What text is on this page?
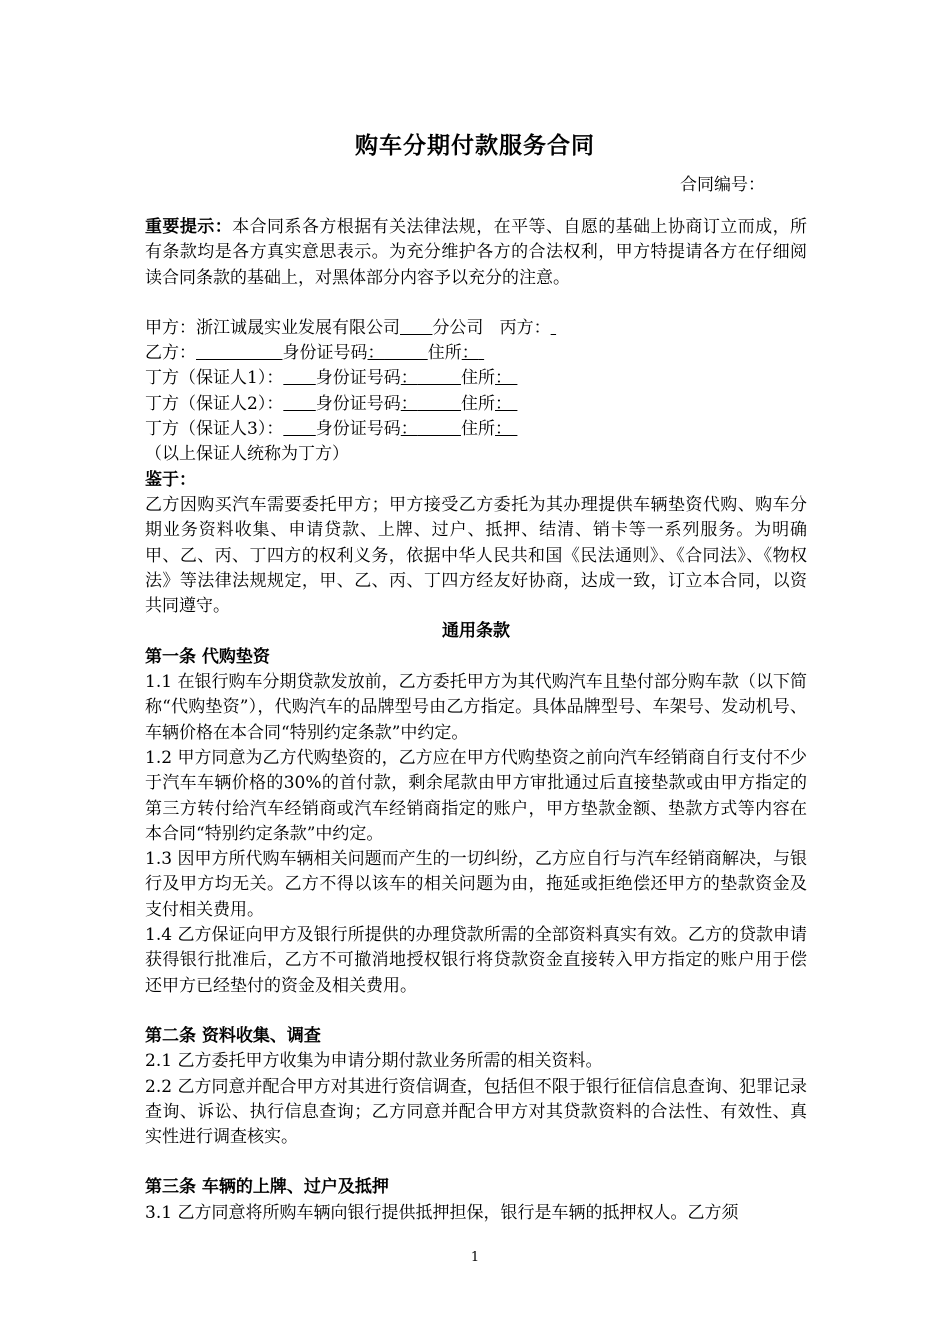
购车分期付款服务合同
合同编号：

重要提示：本合同系各方根据有关法律法规，在平等、自愿的基础上协商订立而成，所有条款均是各方真实意思表示。为充分维护各方的合法权利，甲方特提请各方在仔细阅读合同条款的基础上，对黑体部分内容予以充分的注意。

甲方：浙江诚晟实业发展有限公司 分公司 丙方：

乙方：	身份证号码：	住所：

丁方（保证人1）： 身份证号码：	住所：

丁方（保证人2）： 身份证号码：	住所：

丁方（保证人3）： 身份证号码：	住所：

（以上保证人统称为丁方）

鉴于：

乙方因购买汽车需要委托甲方；甲方接受乙方委托为其办理提供车辆垫资代购、购车分期业务资料收集、申请贷款、上牌、过户、抵押、结清、销卡等一系列服务。为明确甲、乙、丙、丁四方的权利义务，依据中华人民共和国《民法通则》、《合同法》、《物权法》等法律法规规定，甲、乙、丙、丁四方经友好协商，达成一致，订立本合同，以资共同遵守。

通用条款

第一条 代购垫资

1.1 在银行购车分期贷款发放前，乙方委托甲方为其代购汽车且垫付部分购车款（以下简称“代购垫资”），代购汽车的品牌型号由乙方指定。具体品牌型号、车架号、发动机号、车辆价格在本合同“特别约定条款”中约定。

1.2 甲方同意为乙方代购垫资的，乙方应在甲方代购垫资之前向汽车经销商自行支付不少于汽车车辆价格的30%的首付款，剩余尾款由甲方审批通过后直接垫款或由甲方指定的第三方转付给汽车经销商或汽车经销商指定的账户，甲方垫款金额、垫款方式等内容在本合同“特别约定条款”中约定。

1.3 因甲方所代购车辆相关问题而产生的一切纠纷，乙方应自行与汽车经销商解决，与银行及甲方均无关。乙方不得以该车的相关问题为由，拖延或拒绝偿还甲方的垫款资金及支付相关费用。

1.4 乙方保证向甲方及银行所提供的办理贷款所需的全部资料真实有效。乙方的贷款申请获得银行批准后，乙方不可撤消地授权银行将贷款资金直接转入甲方指定的账户用于偿还甲方已经垫付的资金及相关费用。

第二条 资料收集、调查

2.1 乙方委托甲方收集为申请分期付款业务所需的相关资料。

2.2 乙方同意并配合甲方对其进行资信调查，包括但不限于银行征信信息查询、犯罪记录查询、诉讼、执行信息查询；乙方同意并配合甲方对其贷款资料的合法性、有效性、真实性进行调查核实。

第三条 车辆的上牌、过户及抵押

3.1 乙方同意将所购车辆向银行提供抵押担保，银行是车辆的抵押权人。乙方须

1
